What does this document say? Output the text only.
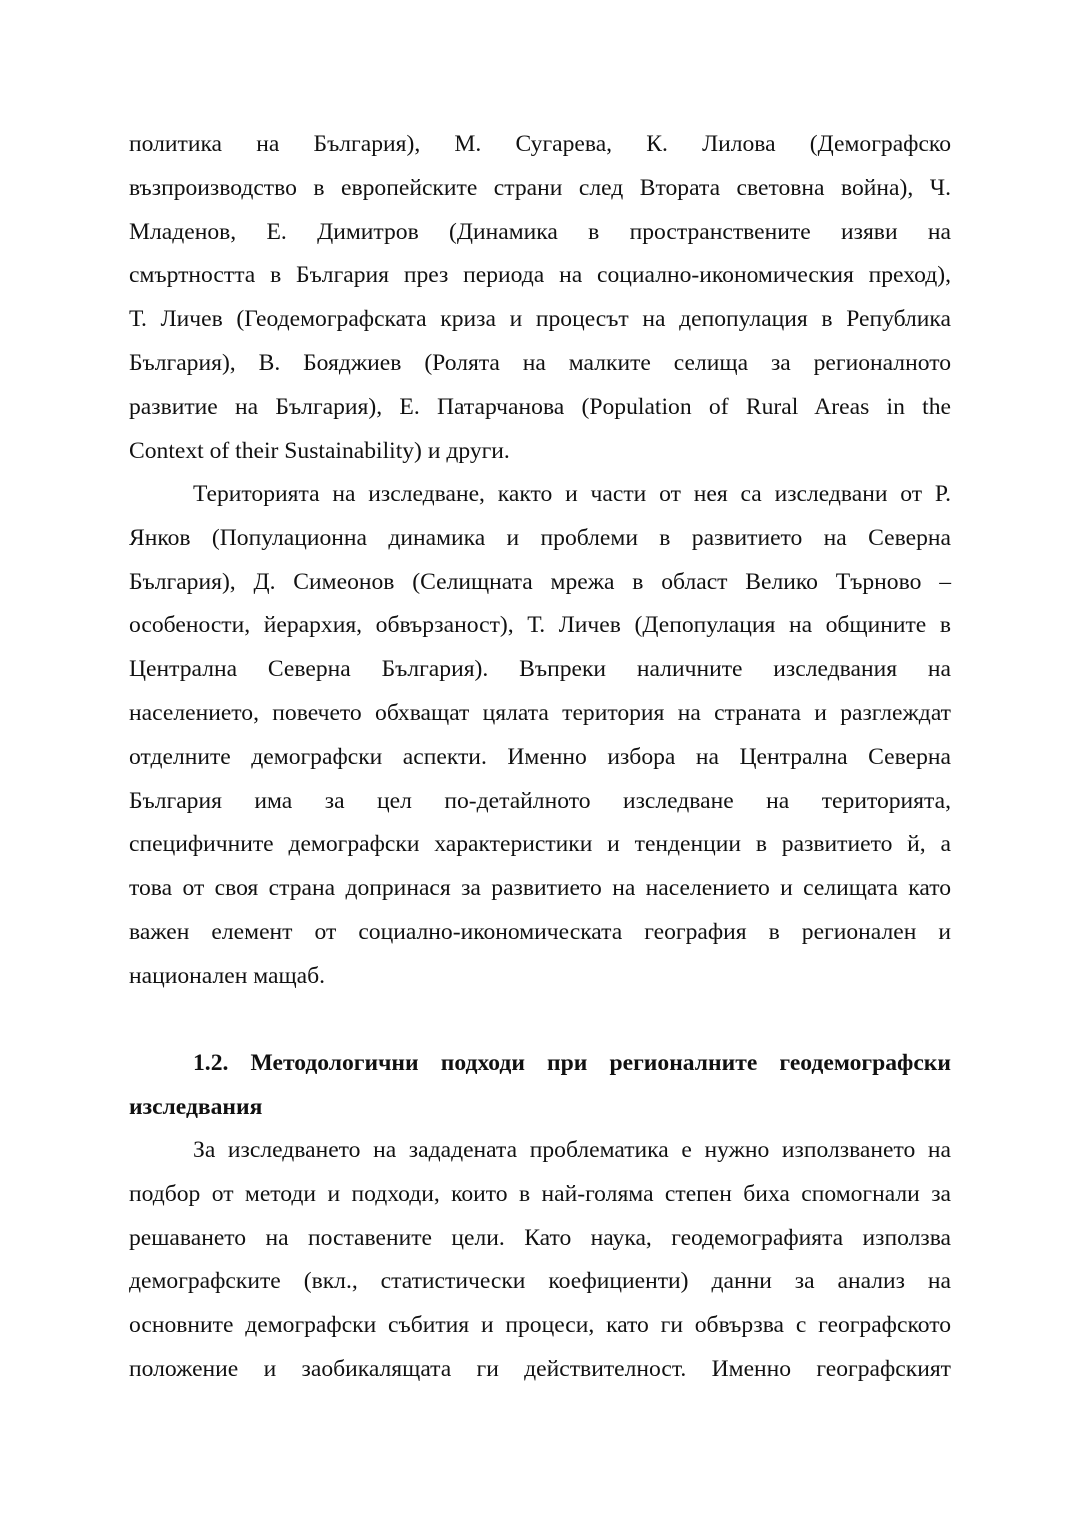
политика на България), М. Сугарева, К. Лилова (Демографско
възпроизводство в европейските страни след Втората световна война), Ч.
Младенов, Е. Димитров (Динамика в пространствените изяви на
смъртността в България през периода на социално-икономическия преход),
Т. Личев (Геодемографската криза и процесът на депопулация в Република
България), В. Бояджиев (Ролята на малките селища за регионалното
развитие на България), Е. Патарчанова (Population of Rural Areas in the
Context of their Sustainability) и други.
Територията на изследване, както и части от нея са изследвани от Р.
Янков (Популационна динамика и проблеми в развитието на Северна
България), Д. Симеонов (Селищната мрежа в област Велико Търново –
особености, йерархия, обвързаност), Т. Личев (Депопулация на общините в
Централна Северна България). Въпреки наличните изследвания на
населението, повечето обхващат цялата територия на страната и разглеждат
отделните демографски аспекти. Именно избора на Централна Северна
България има за цел по-детайлното изследване на територията,
специфичните демографски характеристики и тенденции в развитието й, а
това от своя страна допринася за развитието на населението и селищата като
важен елемент от социално-икономическата география в регионален и
национален мащаб.
1.2. Методологични подходи при регионалните геодемографски
изследвания
За изследването на зададената проблематика е нужно използването на
подбор от методи и подходи, които в най-голяма степен биха спомогнали за
решаването на поставените цели. Като наука, геодемографията използва
демографските (вкл., статистически коефициенти) данни за анализ на
основните демографски събития и процеси, като ги обвързва с географското
положение и заобикалящата ги действителност. Именно географският
